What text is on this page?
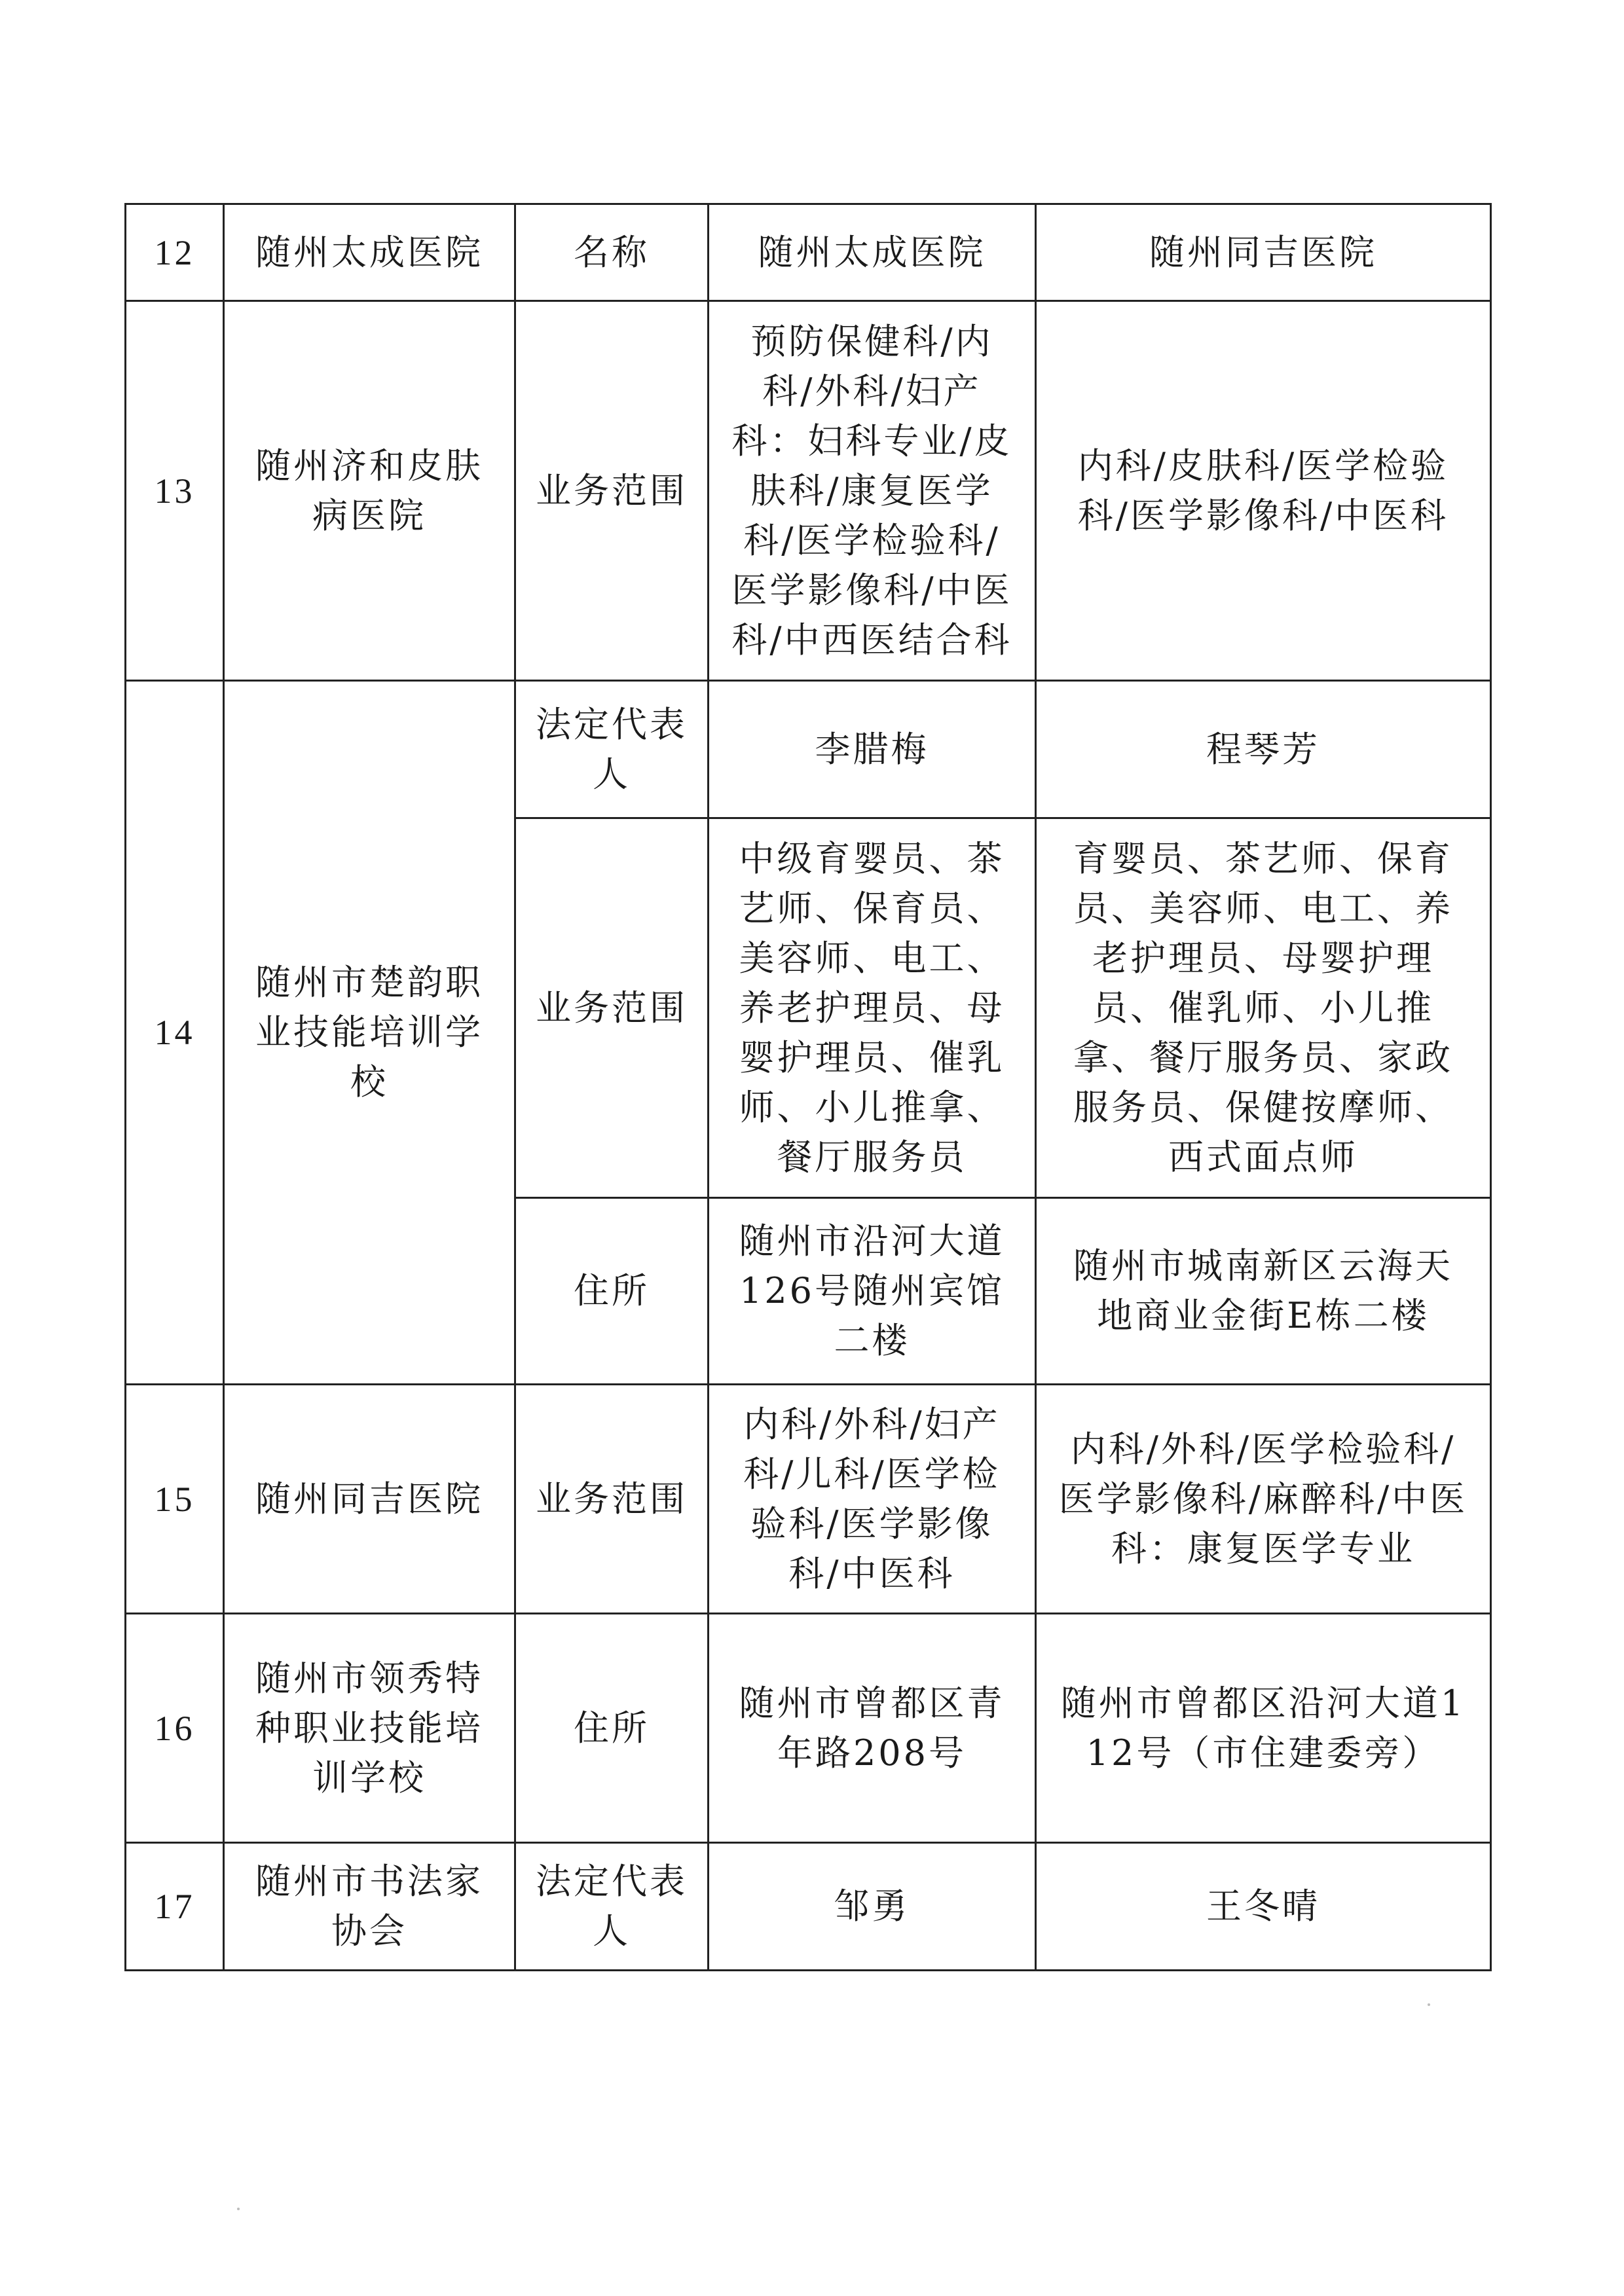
12	随州太成医院	名称	随州太成医院	随州同吉医院
13	随州济和皮肤病医院	业务范围	预防保健科/内科/外科/妇产科：妇科专业/皮肤科/康复医学科/医学检验科/医学影像科/中医科/中西医结合科	内科/皮肤科/医学检验科/医学影像科/中医科
14	随州市楚韵职业技能培训学校	法定代表人	李腊梅	程琴芳
		业务范围	中级育婴员、茶艺师、保育员、美容师、电工、养老护理员、母婴护理员、催乳师、小儿推拿、餐厅服务员	育婴员、茶艺师、保育员、美容师、电工、养老护理员、母婴护理员、催乳师、小儿推拿、餐厅服务员、家政服务员、保健按摩师、西式面点师
		住所	随州市沿河大道126号随州宾馆二楼	随州市城南新区云海天地商业金街E栋二楼
15	随州同吉医院	业务范围	内科/外科/妇产科/儿科/医学检验科/医学影像科/中医科	内科/外科/医学检验科/医学影像科/麻醉科/中医科：康复医学专业
16	随州市领秀特种职业技能培训学校	住所	随州市曾都区青年路208号	随州市曾都区沿河大道112号（市住建委旁）
17	随州市书法家协会	法定代表人	邹勇	王冬晴
